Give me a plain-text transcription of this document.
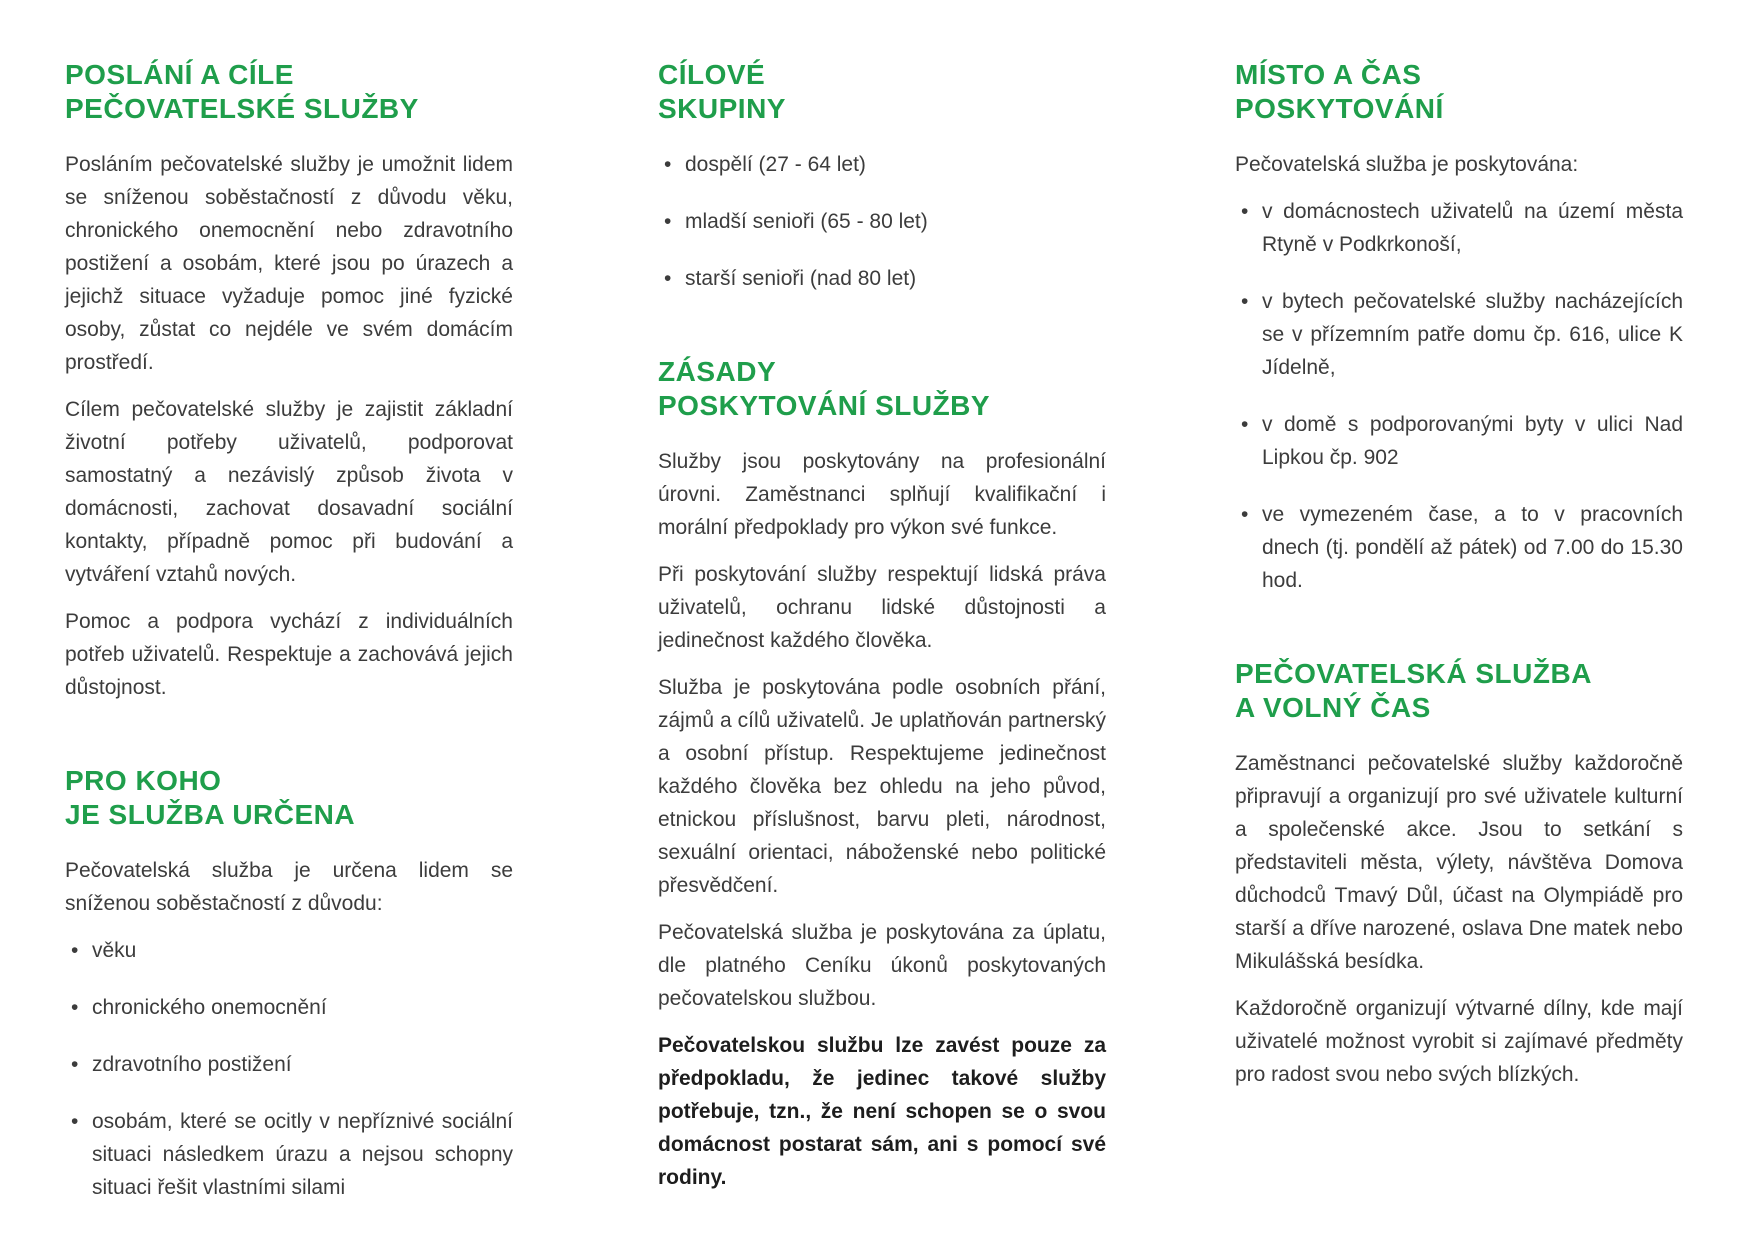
POSLÁNÍ A CÍLE
PEČOVATELSKÉ SLUŽBY

Posláním pečovatelské služby je umožnit lidem se sníženou soběstačností z důvodu věku, chronického onemocnění nebo zdravotního postižení a osobám, které jsou po úrazech a jejichž situace vyžaduje pomoc jiné fyzické osoby, zůstat co nejdéle ve svém domácím prostředí.

Cílem pečovatelské služby je zajistit základní životní potřeby uživatelů, podporovat samostatný a nezávislý způsob života v domácnosti, zachovat dosavadní sociální kontakty, případně pomoc při budování a vytváření vztahů nových.

Pomoc a podpora vychází z individuálních potřeb uživatelů. Respektuje a zachovává jejich důstojnost.

PRO KOHO
JE SLUŽBA URČENA

Pečovatelská služba je určena lidem se sníženou soběstačností z důvodu:

• věku
• chronického onemocnění
• zdravotního postižení
• osobám, které se ocitly v nepříznivé sociální situaci následkem úrazu a nejsou schopny situaci řešit vlastními silami
CÍLOVÉ
SKUPINY
• dospělí (27 - 64 let)
• mladší senioři (65 - 80 let)
• starší senioři (nad 80 let)
ZÁSADY
POSKYTOVÁNÍ SLUŽBY

Služby jsou poskytovány na profesionální úrovni. Zaměstnanci splňují kvalifikační i morální předpoklady pro výkon své funkce.

Při poskytování služby respektují lidská práva uživatelů, ochranu lidské důstojnosti a jedinečnost každého člověka.

Služba je poskytována podle osobních přání, zájmů a cílů uživatelů. Je uplatňován partnerský a osobní přístup. Respektujeme jedinečnost každého člověka bez ohledu na jeho původ, etnickou příslušnost, barvu pleti, národnost, sexuální orientaci, náboženské nebo politické přesvědčení.

Pečovatelská služba je poskytována za úplatu, dle platného Ceníku úkonů poskytovaných pečovatelskou službou.

Pečovatelskou službu lze zavést pouze za předpokladu, že jedinec takové služby potřebuje, tzn., že není schopen se o svou domácnost postarat sám, ani s pomocí své rodiny.

MÍSTO A ČAS
POSKYTOVÁNÍ

Pečovatelská služba je poskytována:

• v domácnostech uživatelů na území města Rtyně v Podkrkonoší,
• v bytech pečovatelské služby nacházejících se v přízemním patře domu čp. 616, ulice K Jídelně,
• v domě s podporovanými byty v ulici Nad Lipkou čp. 902
• ve vymezeném čase, a to v pracovních dnech (tj. pondělí až pátek) od 7.00 do 15.30 hod.
PEČOVATELSKÁ SLUŽBA
A VOLNÝ ČAS

Zaměstnanci pečovatelské služby každoročně připravují a organizují pro své uživatele kulturní a společenské akce. Jsou to setkání s představiteli města, výlety, návštěva Domova důchodců Tmavý Důl, účast na Olympiádě pro starší a dříve narozené, oslava Dne matek nebo Mikulášská besídka.

Každoročně organizují výtvarné dílny, kde mají uživatelé možnost vyrobit si zajímavé předměty pro radost svou nebo svých blízkých.
